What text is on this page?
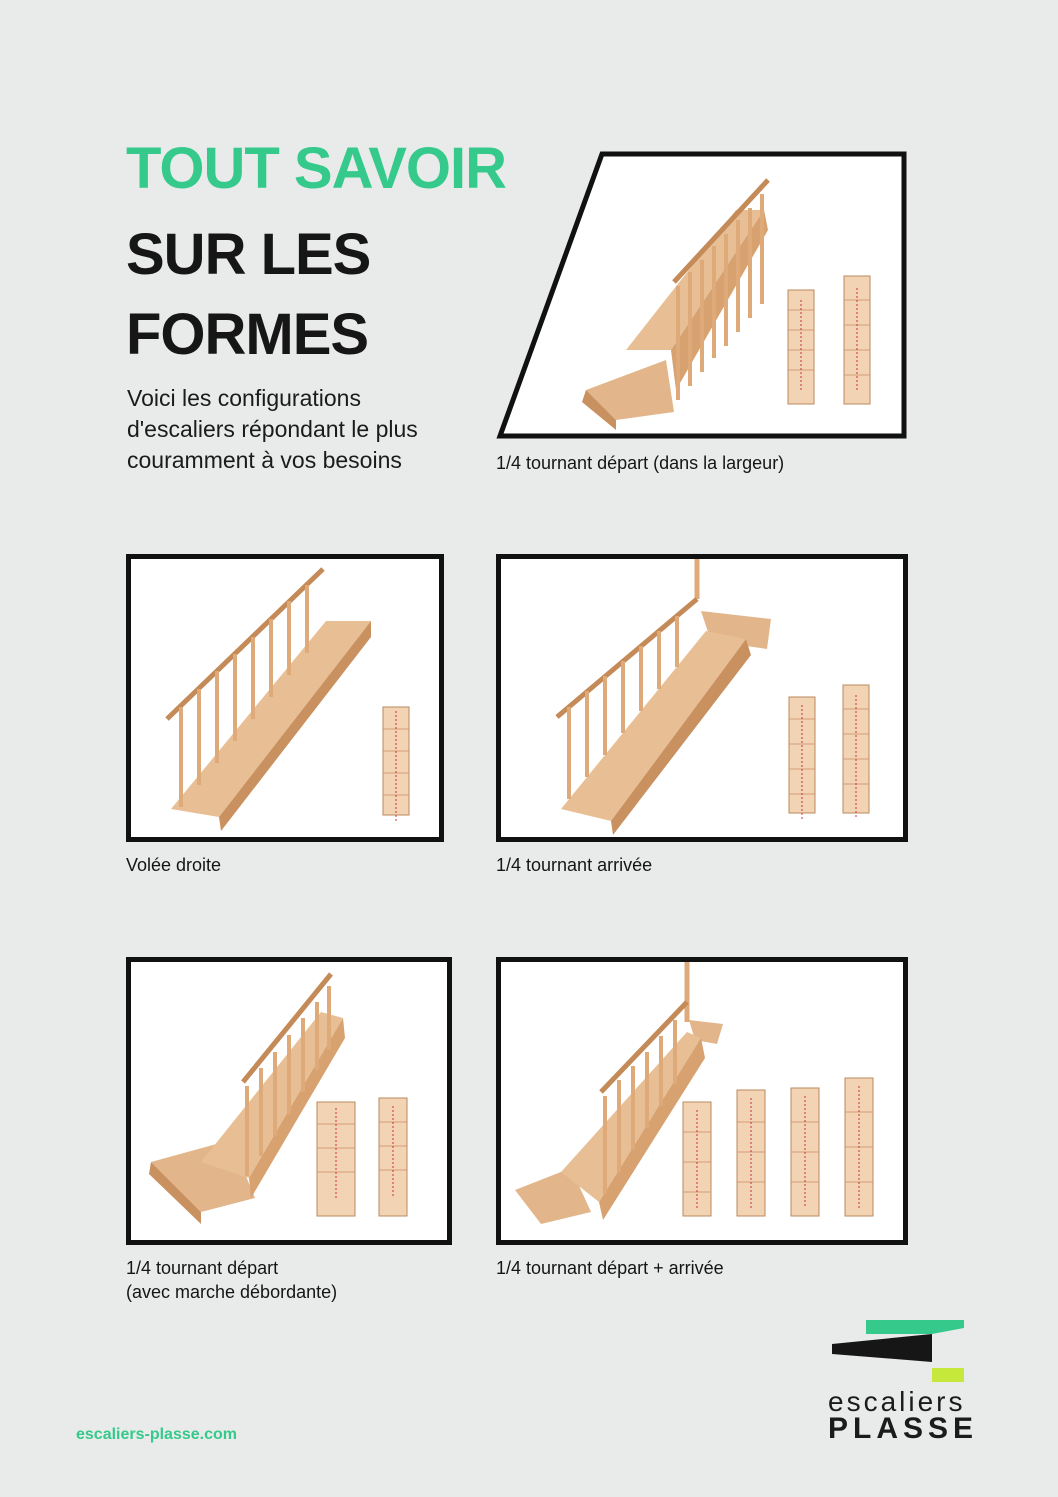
TOUT SAVOIR
SUR LES
FORMES
Voici les configurations
d'escaliers répondant le plus
couramment à vos besoins	1/4 tournant départ (dans la largeur)
Volée droite	1/4 tournant arrivée
1/4 tournant départ
(avec marche débordante)
1/4 tournant départ + arrivée
escaliers-plasse.com
escaliers
PLASSE
